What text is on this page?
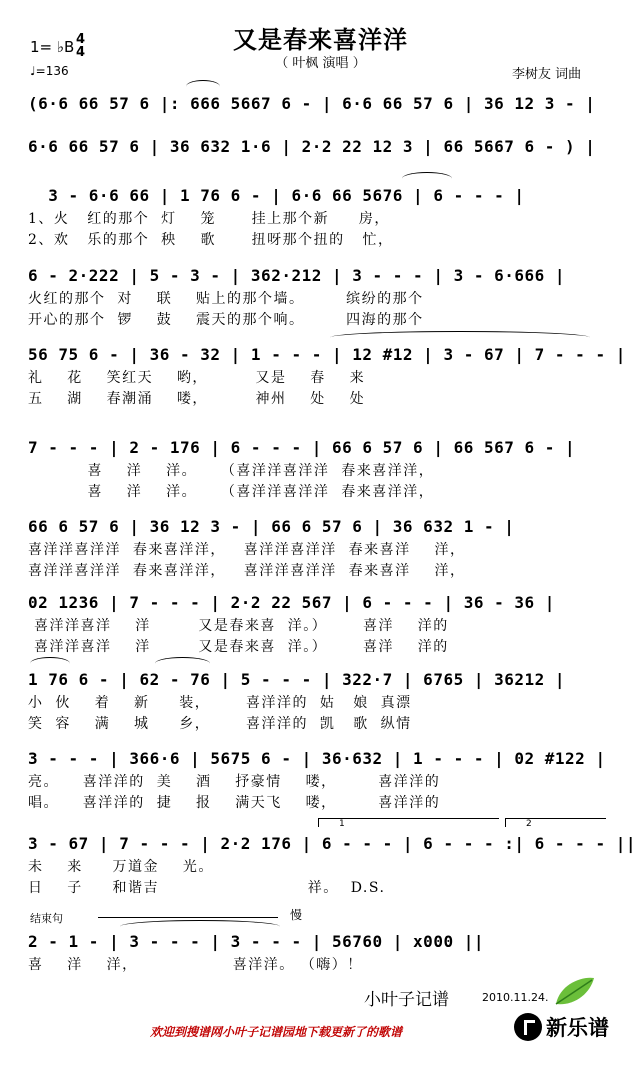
又是春来喜洋洋
（ 叶枫 演唱 ）
1= ♭B 4
4
♩=136	李树友 词曲
(6·6 66 57 6 |: 666 5667 6 - | 6·6 66 57 6 | 36 12 3 - |
6·6 66 57 6 | 36 632 1·6 | 2·2 22 12 3 | 66 5667 6 - ) |
3 - 6·6 66 | 1 76 6 - | 6·6 66 5676 | 6 - - - |
1、火   红的那个  灯    笼      挂上那个新     房，
2、欢   乐的那个  秧    歌      扭呀那个扭的   忙，
6 - 2·222 | 5 - 3 - | 362·212 | 3 - - - | 3 - 6·666 |
火红的那个  对    联    贴上的那个墙。       缤纷的那个
开心的那个  锣    鼓    震天的那个响。       四海的那个
56 75 6 - | 36 - 32 | 1 - - - | 12 #12 | 3 - 67 | 7 - - - |
礼    花    笑红天    哟，        又是    春    来
五    湖    春潮涌    喽，        神州    处    处
7 - - - | 2 - 176 | 6 - - - | 66 6 57 6 | 66 567 6 - |
喜    洋    洋。    （喜洋洋喜洋洋  春来喜洋洋，
喜    洋    洋。    （喜洋洋喜洋洋  春来喜洋洋，
66 6 57 6 | 36 12 3 - | 66 6 57 6 | 36 632 1 - |
喜洋洋喜洋洋  春来喜洋洋，   喜洋洋喜洋洋  春来喜洋    洋，
喜洋洋喜洋洋  春来喜洋洋，   喜洋洋喜洋洋  春来喜洋    洋，
02 1236 | 7 - - - | 2·2 22 567 | 6 - - - | 36 - 36 |
喜洋洋喜洋    洋        又是春来喜  洋。）      喜洋    洋的
喜洋洋喜洋    洋        又是春来喜  洋。）      喜洋    洋的
1 76 6 - | 62 - 76 | 5 - - - | 322·7 | 6765 | 36212 |
小  伙    着    新     装，      喜洋洋的  姑   娘  真漂
笑  容    满    城     乡，      喜洋洋的  凯   歌  纵情
3 - - - | 366·6 | 5675 6 - | 36·632 | 1 - - - | 02 #122 |
亮。    喜洋洋的  美    酒    抒豪情    喽，       喜洋洋的
唱。    喜洋洋的  捷    报    满天飞    喽，       喜洋洋的
3 - 67 | 7 - - - | 2·2 176 | 6 - - - | 6 - - - :| 6 - - - ||
未    来     万道金    光。
日    子     和谐吉                         祥。  D.S.
2 - 1 - | 3 - - - | 3 - - - | 56760 | x000 ||
喜    洋    洋，                喜洋洋。 （嗨）！
1	2
结束句	慢
小叶子记谱	2010.11.24.
欢迎到搜谱网小叶子记谱园地下载更新了的歌谱	新乐谱
